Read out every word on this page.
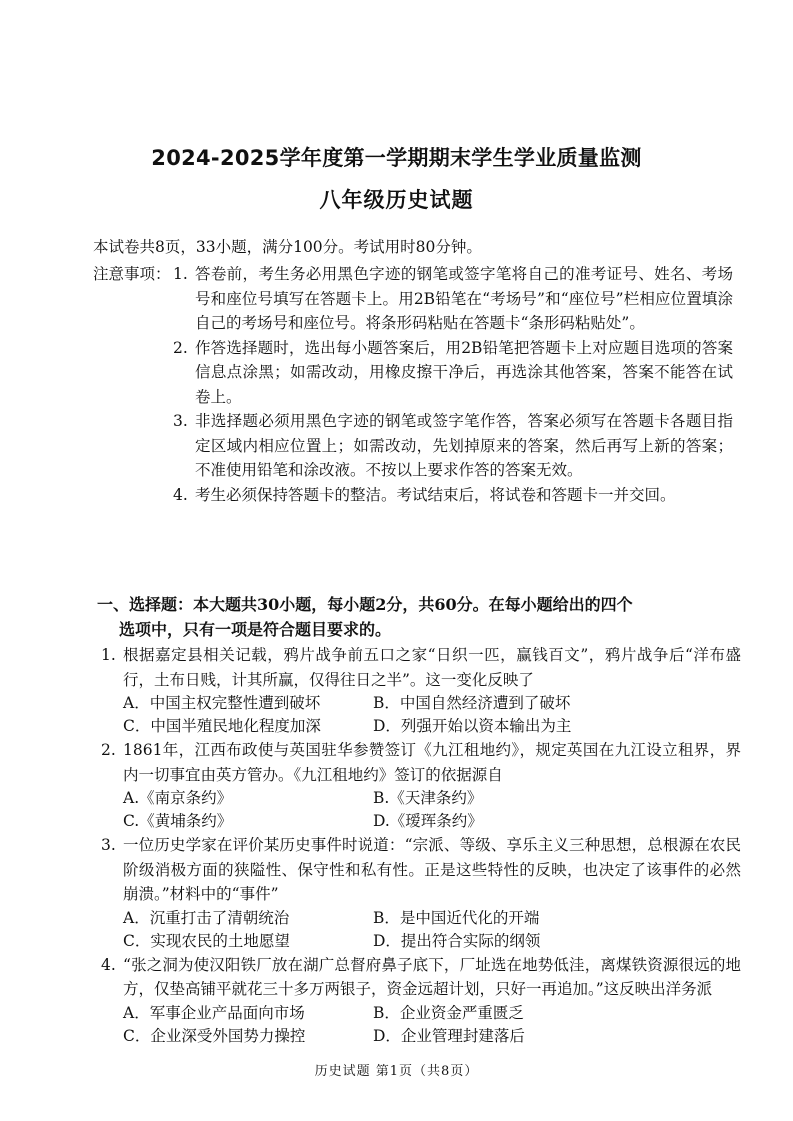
2024-2025学年度第一学期期末学生学业质量监测
八年级历史试题
本试卷共8页，33小题，满分100分。考试用时80分钟。
注意事项： 1. 答卷前，考生务必用黑色字迹的钢笔或签字笔将自己的准考证号、姓名、考场号和座位号填写在答题卡上。用2B铅笔在“考场号”和“座位号”栏相应位置填涂自己的考场号和座位号。将条形码粘贴在答题卡“条形码粘贴处”。
2. 作答选择题时，选出每小题答案后，用2B铅笔把答题卡上对应题目选项的答案信息点涂黑；如需改动，用橡皮擦干净后，再选涂其他答案，答案不能答在试卷上。
3. 非选择题必须用黑色字迹的钢笔或签字笔作答，答案必须写在答题卡各题目指定区域内相应位置上；如需改动，先划掉原来的答案，然后再写上新的答案；不准使用铅笔和涂改液。不按以上要求作答的答案无效。
4. 考生必须保持答题卡的整洁。考试结束后，将试卷和答题卡一并交回。
一、选择题：本大题共30小题，每小题2分，共60分。在每小题给出的四个
选项中，只有一项是符合题目要求的。
1. 根据嘉定县相关记载，鸦片战争前五口之家“日织一匹，赢钱百文”，鸦片战争后“洋布盛行，土布日贱，计其所赢，仅得往日之半”。这一变化反映了
A．中国主权完整性遭到破坏	B．中国自然经济遭到了破坏
C．中国半殖民地化程度加深	D．列强开始以资本输出为主
2. 1861年，江西布政使与英国驻华参赞签订《九江租地约》，规定英国在九江设立租界，界内一切事宜由英方管办。《九江租地约》签订的依据源自
A.《南京条约》	B.《天津条约》
C.《黄埔条约》	D.《瑷珲条约》
3. 一位历史学家在评价某历史事件时说道：“宗派、等级、享乐主义三种思想，总根源在农民阶级消极方面的狭隘性、保守性和私有性。正是这些特性的反映，也决定了该事件的必然崩溃。”材料中的“事件”
A．沉重打击了清朝统治	B．是中国近代化的开端
C．实现农民的土地愿望	D．提出符合实际的纲领
4. “张之洞为使汉阳铁厂放在湖广总督府鼻子底下，厂址选在地势低洼，离煤铁资源很远的地方，仅垫高铺平就花三十多万两银子，资金远超计划，只好一再追加。”这反映出洋务派
A．军事企业产品面向市场	B．企业资金严重匮乏
C．企业深受外国势力操控	D．企业管理封建落后
历史试题 第1页（共8页）
